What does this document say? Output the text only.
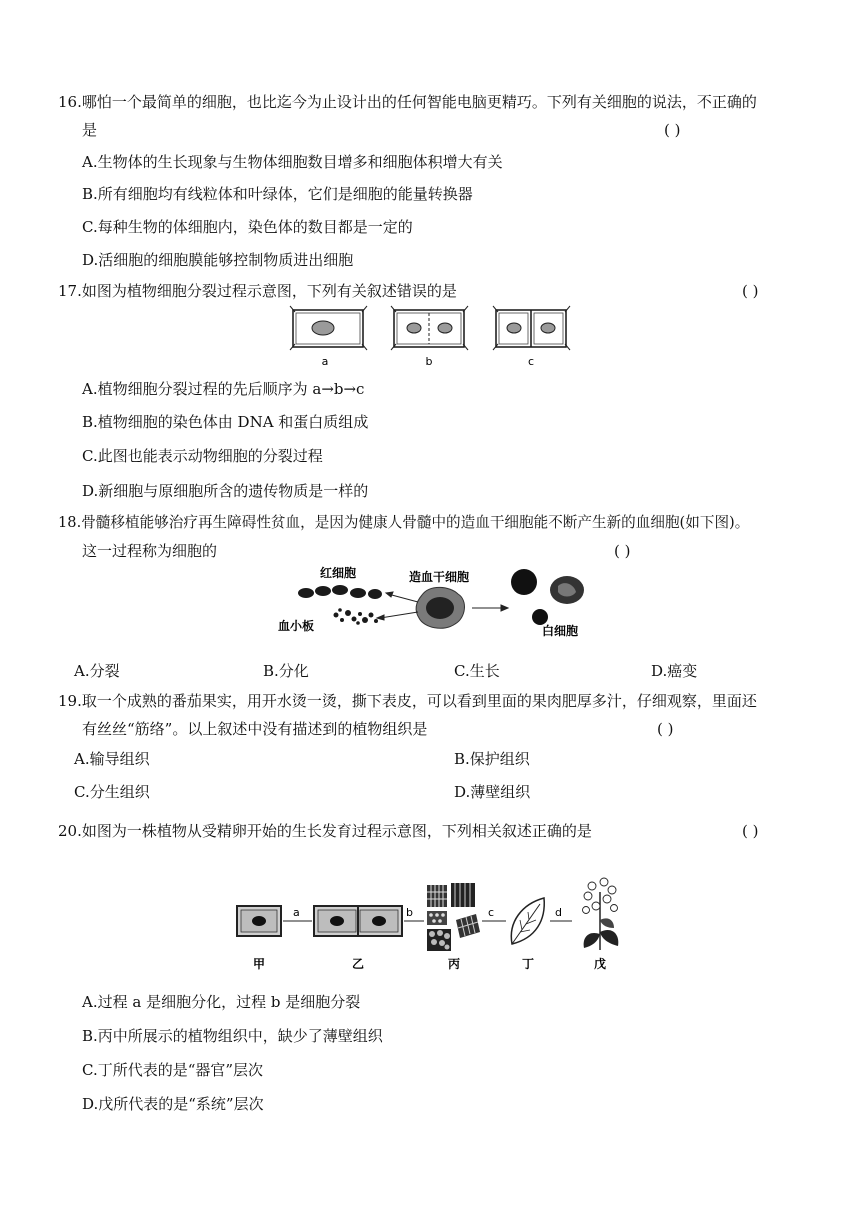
16.哪怕一个最简单的细胞，也比迄今为止设计出的任何智能电脑更精巧。下列有关细胞的说法，不正确的
是	( )
A.生物体的生长现象与生物体细胞数目增多和细胞体积增大有关
B.所有细胞均有线粒体和叶绿体，它们是细胞的能量转换器
C.每种生物的体细胞内，染色体的数目都是一定的
D.活细胞的细胞膜能够控制物质进出细胞
17.如图为植物细胞分裂过程示意图，下列有关叙述错误的是	( )
a	b	c
A.植物细胞分裂过程的先后顺序为 a→b→c
B.植物细胞的染色体由 DNA 和蛋白质组成
C.此图也能表示动物细胞的分裂过程
D.新细胞与原细胞所含的遗传物质是一样的
18.骨髓移植能够治疗再生障碍性贫血，是因为健康人骨髓中的造血干细胞能不断产生新的血细胞(如下图)。
这一过程称为细胞的	( )
红细胞	造血干细胞
血小板	白细胞
A.分裂	B.分化	C.生长	D.癌变
19.取一个成熟的番茄果实，用开水烫一烫，撕下表皮，可以看到里面的果肉肥厚多汁，仔细观察，里面还
有丝丝“筋络”。以上叙述中没有描述到的植物组织是	( )
A.输导组织	B.保护组织
C.分生组织	D.薄壁组织
20.如图为一株植物从受精卵开始的生长发育过程示意图，下列相关叙述正确的是	( )
a	b	c	d
甲	乙	丙	丁	戊
A.过程 a 是细胞分化，过程 b 是细胞分裂
B.丙中所展示的植物组织中，缺少了薄壁组织
C.丁所代表的是“器官”层次
D.戊所代表的是“系统”层次
